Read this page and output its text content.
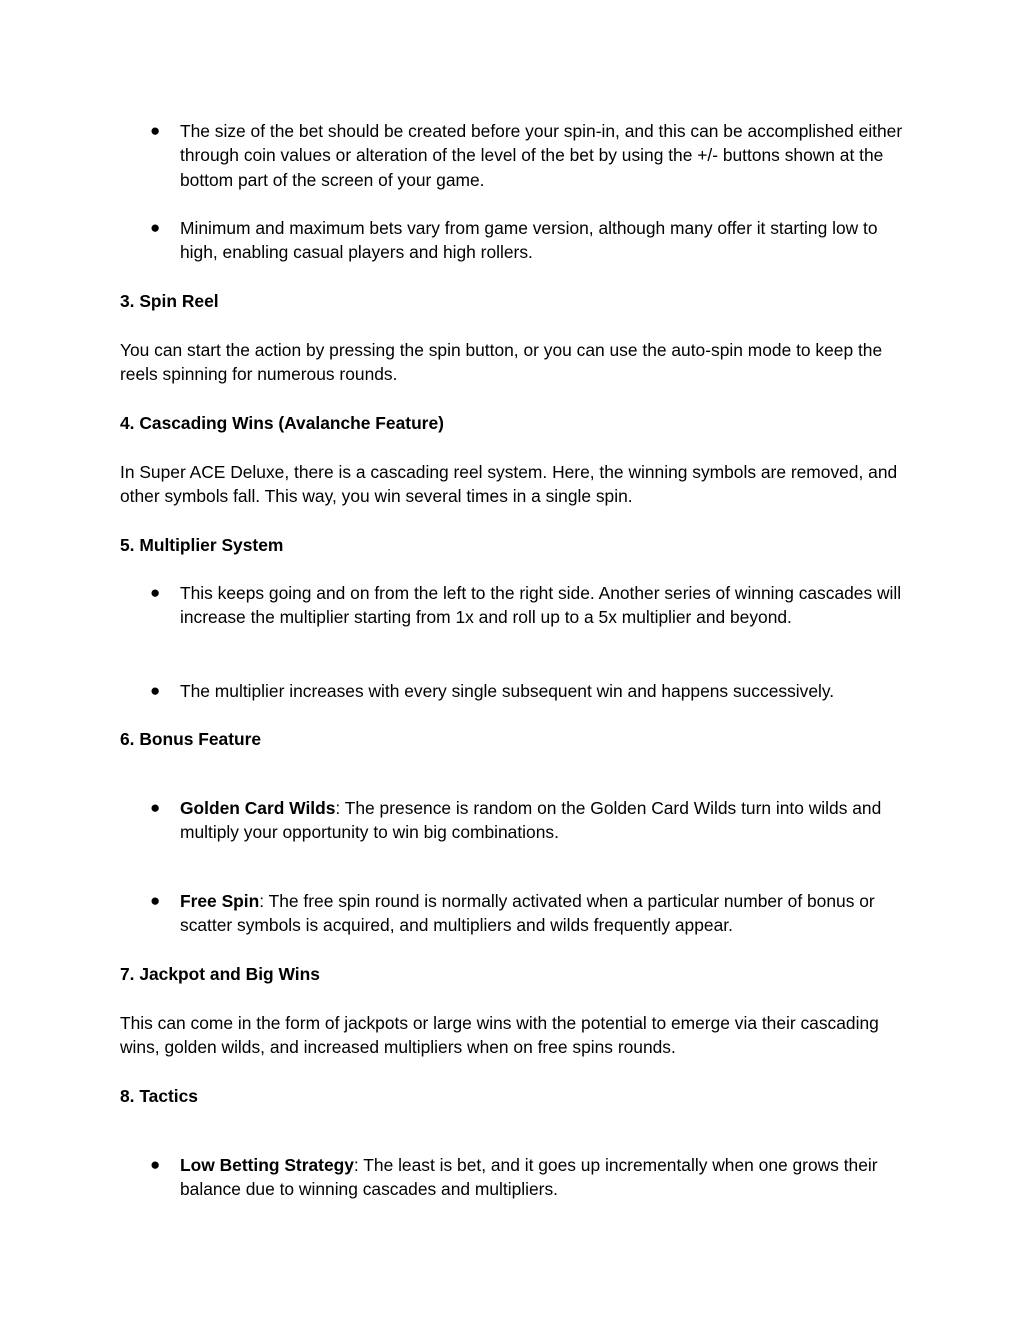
● The size of the bet should be created before your spin-in, and this can be accomplished either through coin values or alteration of the level of the bet by using the +/- buttons shown at the bottom part of the screen of your game.
● Minimum and maximum bets vary from game version, although many offer it starting low to high, enabling casual players and high rollers.

3. Spin Reel

You can start the action by pressing the spin button, or you can use the auto-spin mode to keep the reels spinning for numerous rounds.

4. Cascading Wins (Avalanche Feature)

In Super ACE Deluxe, there is a cascading reel system. Here, the winning symbols are removed, and other symbols fall. This way, you win several times in a single spin.

5. Multiplier System

● This keeps going and on from the left to the right side. Another series of winning cascades will increase the multiplier starting from 1x and roll up to a 5x multiplier and beyond.
● The multiplier increases with every single subsequent win and happens successively.

6. Bonus Feature

● Golden Card Wilds: The presence is random on the Golden Card Wilds turn into wilds and multiply your opportunity to win big combinations.
● Free Spin: The free spin round is normally activated when a particular number of bonus or scatter symbols is acquired, and multipliers and wilds frequently appear.

7. Jackpot and Big Wins

This can come in the form of jackpots or large wins with the potential to emerge via their cascading wins, golden wilds, and increased multipliers when on free spins rounds.

8. Tactics

● Low Betting Strategy: The least is bet, and it goes up incrementally when one grows their balance due to winning cascades and multipliers.
